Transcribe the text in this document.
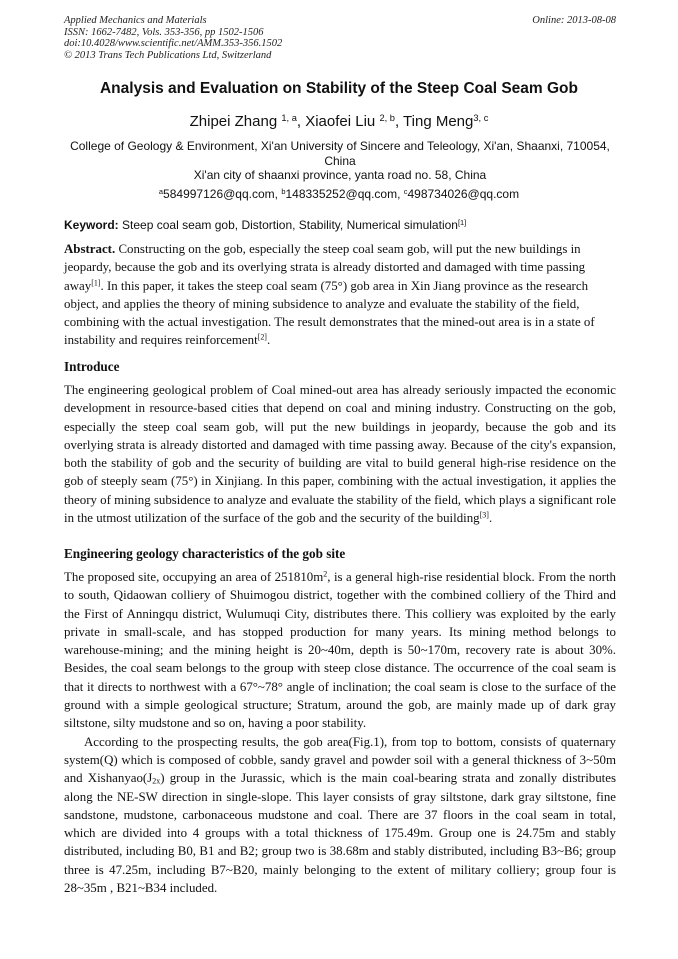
Applied Mechanics and Materials
ISSN: 1662-7482, Vols. 353-356, pp 1502-1506
doi:10.4028/www.scientific.net/AMM.353-356.1502
© 2013 Trans Tech Publications Ltd, Switzerland
Online: 2013-08-08
Analysis and Evaluation on Stability of the Steep Coal Seam Gob
Zhipei Zhang $^{1, a}$, Xiaofei Liu $^{2, b}$, Ting Meng$^{3, c}$
College of Geology & Environment, Xi'an University of Sincere and Teleology, Xi'an, Shaanxi, 710054, China
Xi'an city of shaanxi province, yanta road no. 58, China
$^a$584997126@qq.com, $^b$148335252@qq.com, $^c$498734026@qq.com
Keyword: Steep coal seam gob, Distortion, Stability, Numerical simulation[1]
Abstract. Constructing on the gob, especially the steep coal seam gob, will put the new buildings in jeopardy, because the gob and its overlying strata is already distorted and damaged with time passing away[1]. In this paper, it takes the steep coal seam (75°) gob area in Xin Jiang province as the research object, and applies the theory of mining subsidence to analyze and evaluate the stability of the field, combining with the actual investigation. The result demonstrates that the mined-out area is in a state of instability and requires reinforcement[2].
Introduce
The engineering geological problem of Coal mined-out area has already seriously impacted the economic development in resource-based cities that depend on coal and mining industry. Constructing on the gob, especially the steep coal seam gob, will put the new buildings in jeopardy, because the gob and its overlying strata is already distorted and damaged with time passing away. Because of the city's expansion, both the stability of gob and the security of building are vital to build general high-rise residence on the gob of steeply seam (75°) in Xinjiang. In this paper, combining with the actual investigation, it applies the theory of mining subsidence to analyze and evaluate the stability of the field, which plays a significant role in the utmost utilization of the surface of the gob and the security of the building[3].
Engineering geology characteristics of the gob site

The proposed site, occupying an area of $251810m^2$, is a general high-rise residential block. From the north to south, Qidaowan colliery of Shuimogou district, together with the combined colliery of the Third and the First of Anningqu district, Wulumuqi City, distributes there. This colliery was exploited by the early private in small-scale, and has stopped production for many years. Its mining method belongs to warehouse-mining; and the mining height is 20~40m, depth is 50~170m, recovery rate is about 30%. Besides, the coal seam belongs to the group with steep close distance. The occurrence of the coal seam is that it directs to northwest with a 67°~78° angle of inclination; the coal seam is close to the surface of the ground with a simple geological structure; Stratum, around the gob, are mainly made up of dark gray siltstone, silty mudstone and so on, having a poor stability.

According to the prospecting results, the gob area(Fig.1), from top to bottom, consists of quaternary system(Q) which is composed of cobble, sandy gravel and powder soil with a general thickness of 3~50m and $Xishanyao(J_{2x})$ group in the Jurassic, which is the main coal-bearing strata and zonally distributes along the NE-SW direction in single-slope. This layer consists of gray siltstone, dark gray siltstone, fine sandstone, mudstone, carbonaceous mudstone and coal. There are 37 floors in the coal seam in total, which are divided into 4 groups with a total thickness of 175.49m. Group one is 24.75m and stably distributed, including B0, B1 and B2; group two is 38.68m and stably distributed, including B3~B6; group three is 47.25m, including B7~B20, mainly belonging to the extent of military colliery; group four is 28~35m , B21~B34 included.
